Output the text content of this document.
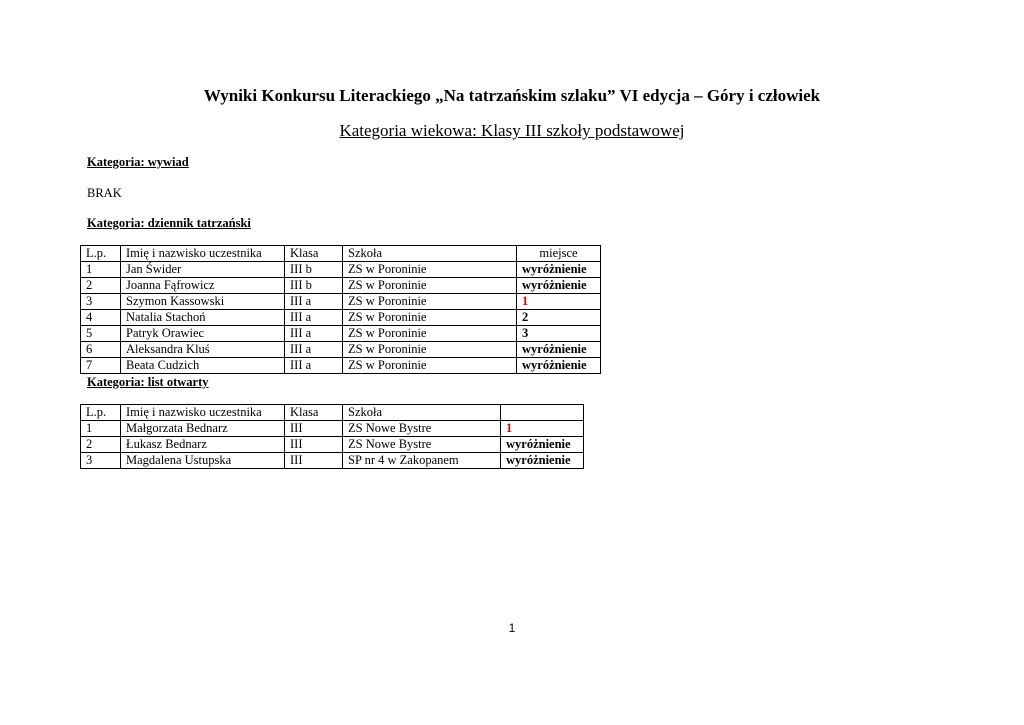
Wyniki Konkursu Literackiego „Na tatrzańskim szlaku” VI edycja – Góry i człowiek
Kategoria wiekowa: Klasy III szkoły podstawowej
Kategoria: wywiad
BRAK
Kategoria: dziennik tatrzański
L.p.	Imię i nazwisko uczestnika	Klasa	Szkoła	miejsce
1	Jan Świder	III b	ZS w Poroninie	wyróżnienie
2	Joanna Fąfrowicz	III b	ZS w Poroninie	wyróżnienie
3	Szymon Kassowski	III a	ZS w Poroninie	1
4	Natalia Stachoń	III a	ZS w Poroninie	2
5	Patryk Orawiec	III a	ZS w Poroninie	3
6	Aleksandra Kluś	III a	ZS w Poroninie	wyróżnienie
7	Beata Cudzich	III a	ZS w Poroninie	wyróżnienie
Kategoria: list otwarty
L.p.	Imię i nazwisko uczestnika	Klasa	Szkoła	
1	Małgorzata Bednarz	III	ZS Nowe Bystre	1
2	Łukasz Bednarz	III	ZS Nowe Bystre	wyróżnienie
3	Magdalena Ustupska	III	SP nr 4 w Zakopanem	wyróżnienie
1
